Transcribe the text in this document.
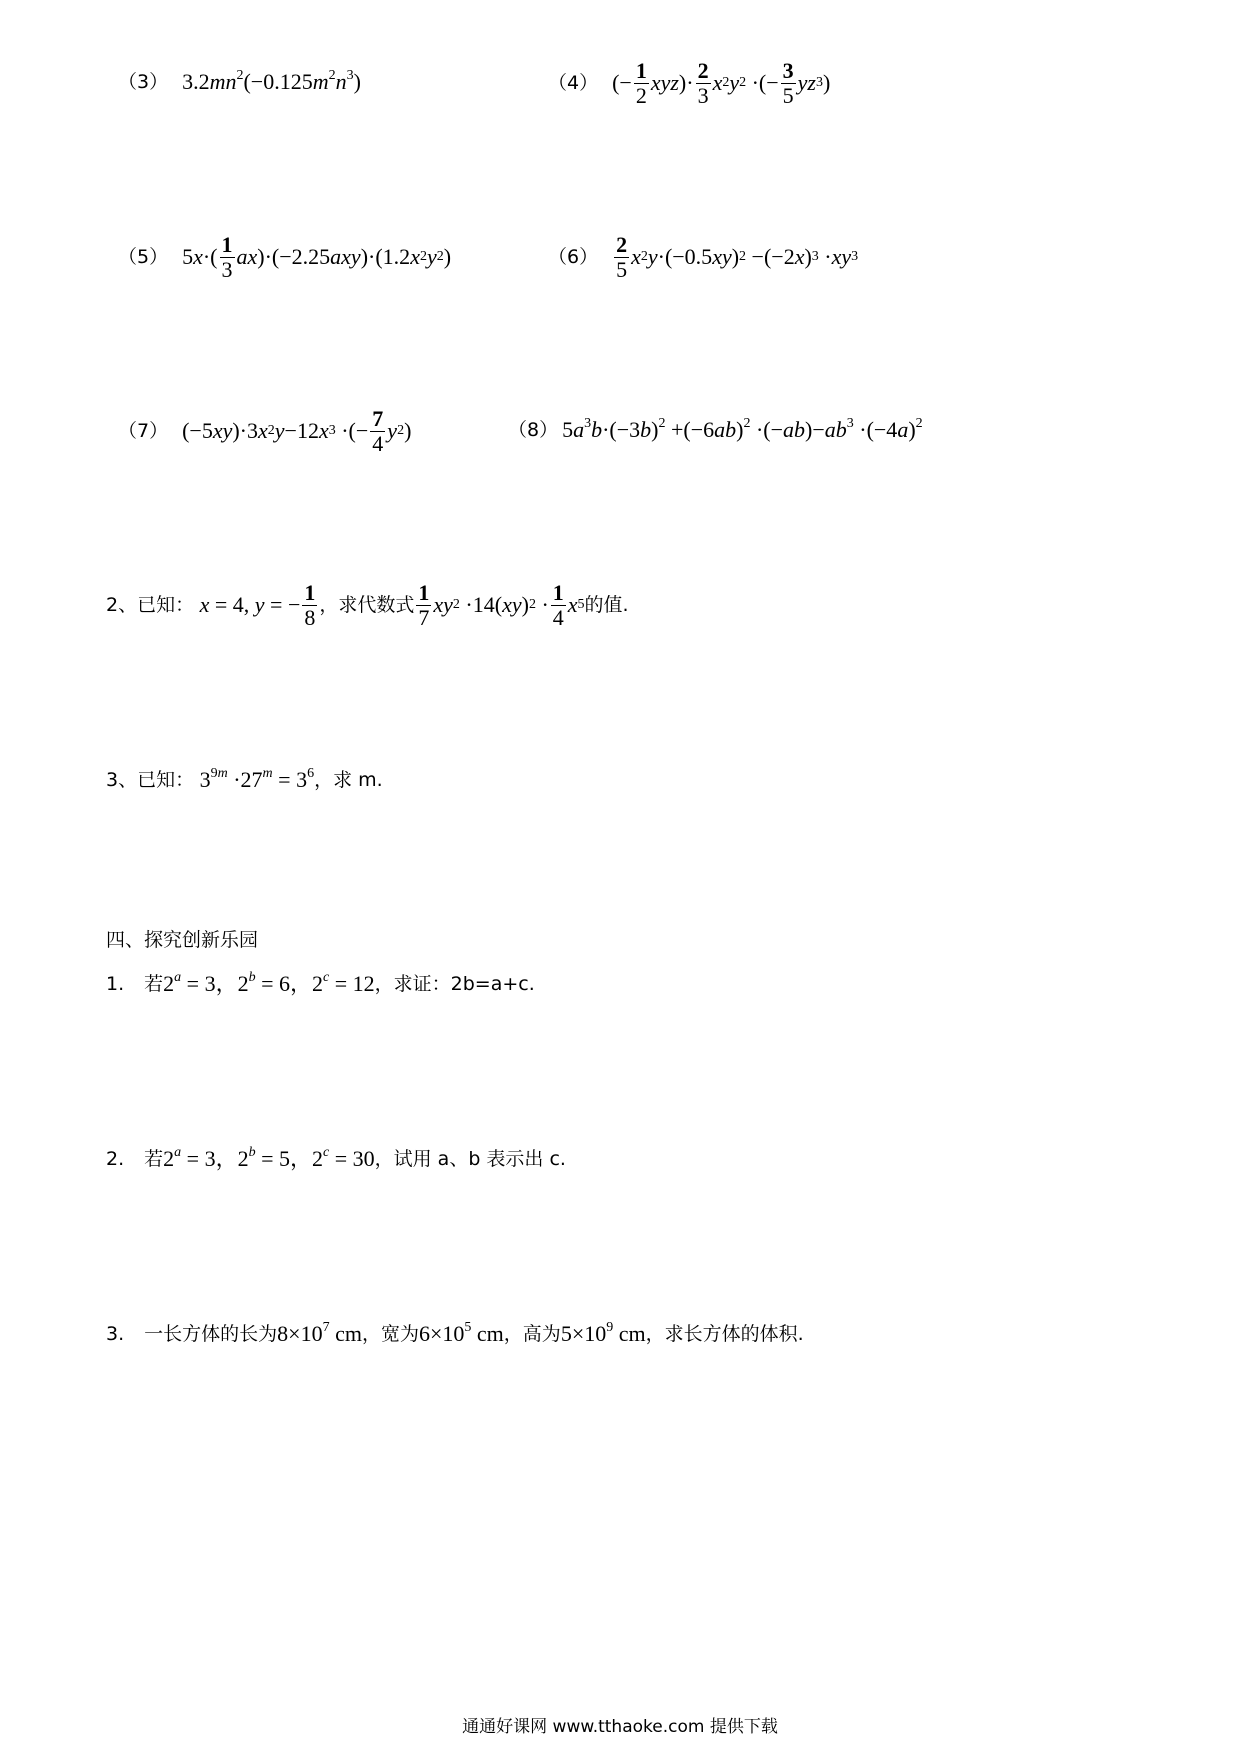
（3） $3.2mn^2(-0.125m^2n^3)$	（4） (− $\frac{1}{2}$ xyz )· $\frac{2}{3}$ x 2 y 2 ·(− $\frac{3}{5}$ yz 3 )
（5） 5 x ·( $\frac{1}{3}$ ax )·(−2.25 axy )·(1.2 x 2 y 2 )	$(6) \frac{2}{5}$ x 2 y ·(−0.5 xy ) 2 −(−2 x ) 3 · xy 3
（7） (−5 xy )·3 x 2 y −12 x 3 ·(− $\frac{7}{4}$ y 2 )	（8） $5a^3b\cdot(-3b)^2 +(-6ab)^2 \cdot(-ab)-ab^3 \cdot(-4a)^2$
2、已知：
x = 4, y = − $\frac{1}{8}$ ，求代数式 $\frac{1}{7}$ xy 2 ·14( xy ) $2 \cdot \frac{1}{4}$ x 5 的值.
3、已知： $3^{9m} \cdot 27^m = 3^6$ ，求 m.
四、探究创新乐园
1. 若 $2^a = 3$，$2^b = 6$，$2^c = 12$ ，求证：2b=a+c.
2. 若 $2^a = 3$，$2^b = 5$，$2^c = 30$ ，试用 a、b 表示出 c.
3. 一长方体的长为 $8\times 10^7$ cm ，宽为 $6\times 10^5$ cm ，高为 $5\times 10^9$ cm ，求长方体的体积.
通通好课网 www.tthaoke.com 提供下载
